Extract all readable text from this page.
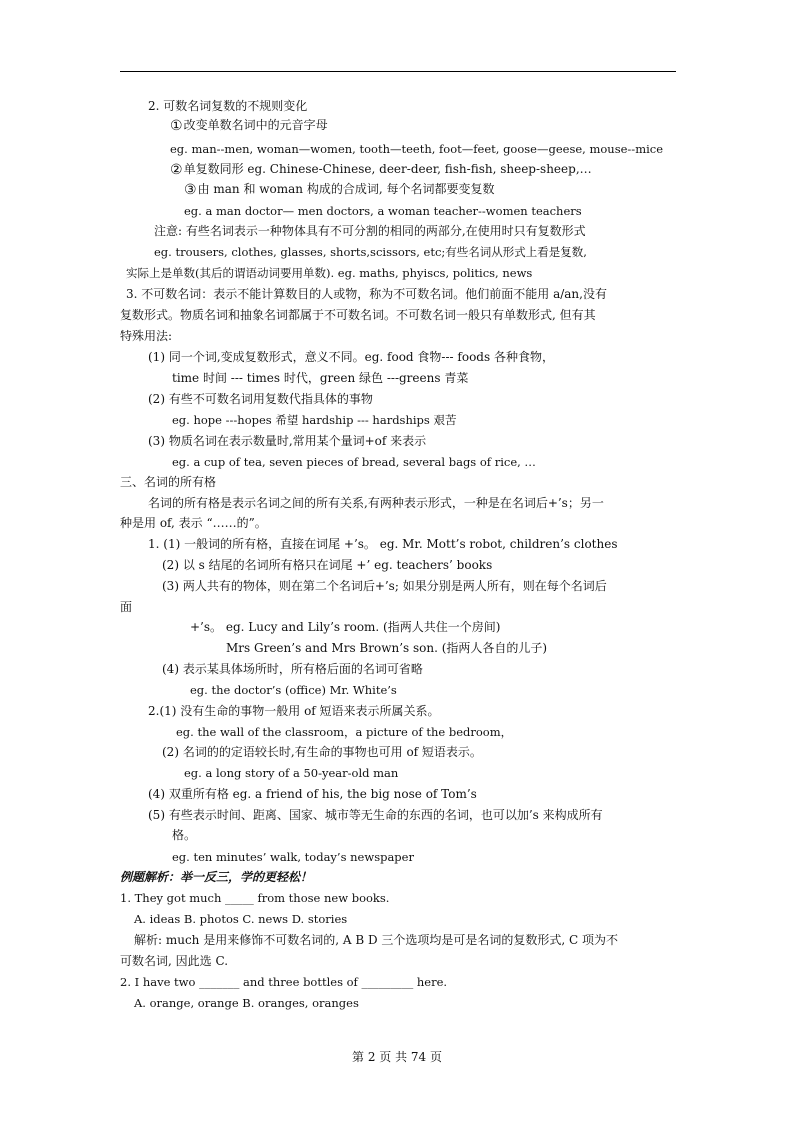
2. 可数名词复数的不规则变化
①改变单数名词中的元音字母
eg. man--men, woman—women, tooth—teeth, foot—feet, goose—geese, mouse--mice
②单复数同形 eg. Chinese-Chinese, deer-deer, fish-fish, sheep-sheep,…
③由 man 和 woman 构成的合成词, 每个名词都要变复数
eg. a man doctor— men doctors, a woman teacher--women teachers
注意: 有些名词表示一种物体具有不可分割的相同的两部分,在使用时只有复数形式
eg. trousers, clothes, glasses, shorts,scissors, etc;有些名词从形式上看是复数,
实际上是单数(其后的谓语动词要用单数). eg. maths, phyiscs, politics, news
3. 不可数名词：表示不能计算数目的人或物，称为不可数名词。他们前面不能用 a/an,没有
复数形式。物质名词和抽象名词都属于不可数名词。不可数名词一般只有单数形式, 但有其
特殊用法:
(1) 同一个词,变成复数形式，意义不同。eg. food 食物--- foods 各种食物，
time 时间 --- times 时代，green 绿色 ---greens 青菜
(2) 有些不可数名词用复数代指具体的事物
eg. hope ---hopes 希望 hardship --- hardships 艰苦
(3) 物质名词在表示数量时,常用某个量词+of 来表示
eg. a cup of tea, seven pieces of bread, several bags of rice, …
三、名词的所有格
名词的所有格是表示名词之间的所有关系,有两种表示形式，一种是在名词后+’s；另一
种是用 of, 表示 “……的”。
1. (1) 一般词的所有格，直接在词尾 +’s。 eg. Mr. Mott’s robot, children’s clothes
(2) 以 s 结尾的名词所有格只在词尾 +’ eg. teachers’ books
(3) 两人共有的物体，则在第二个名词后+’s; 如果分别是两人所有，则在每个名词后
面
+’s。 eg. Lucy and Lily’s room. (指两人共住一个房间)
Mrs Green’s and Mrs Brown’s son. (指两人各自的儿子)
(4) 表示某具体场所时，所有格后面的名词可省略
eg. the doctor’s (office) Mr. White’s
2.(1) 没有生命的事物一般用 of 短语来表示所属关系。
eg. the wall of the classroom，a picture of the bedroom，
(2) 名词的的定语较长时,有生命的事物也可用 of 短语表示。
eg. a long story of a 50-year-old man
(4) 双重所有格 eg. a friend of his, the big nose of Tom’s
(5) 有些表示时间、距离、国家、城市等无生命的东西的名词，也可以加’s 来构成所有
格。
eg. ten minutes’ walk, today’s newspaper
例题解析：举一反三，学的更轻松！
1. They got much _____ from those new books.
A. ideas B. photos C. news D. stories
解析: much 是用来修饰不可数名词的, A B D 三个选项均是可是名词的复数形式, C 项为不
可数名词, 因此选 C.
2. I have two _______ and three bottles of _________ here.
A. orange, orange B. oranges, oranges
第 2 页 共 74 页
